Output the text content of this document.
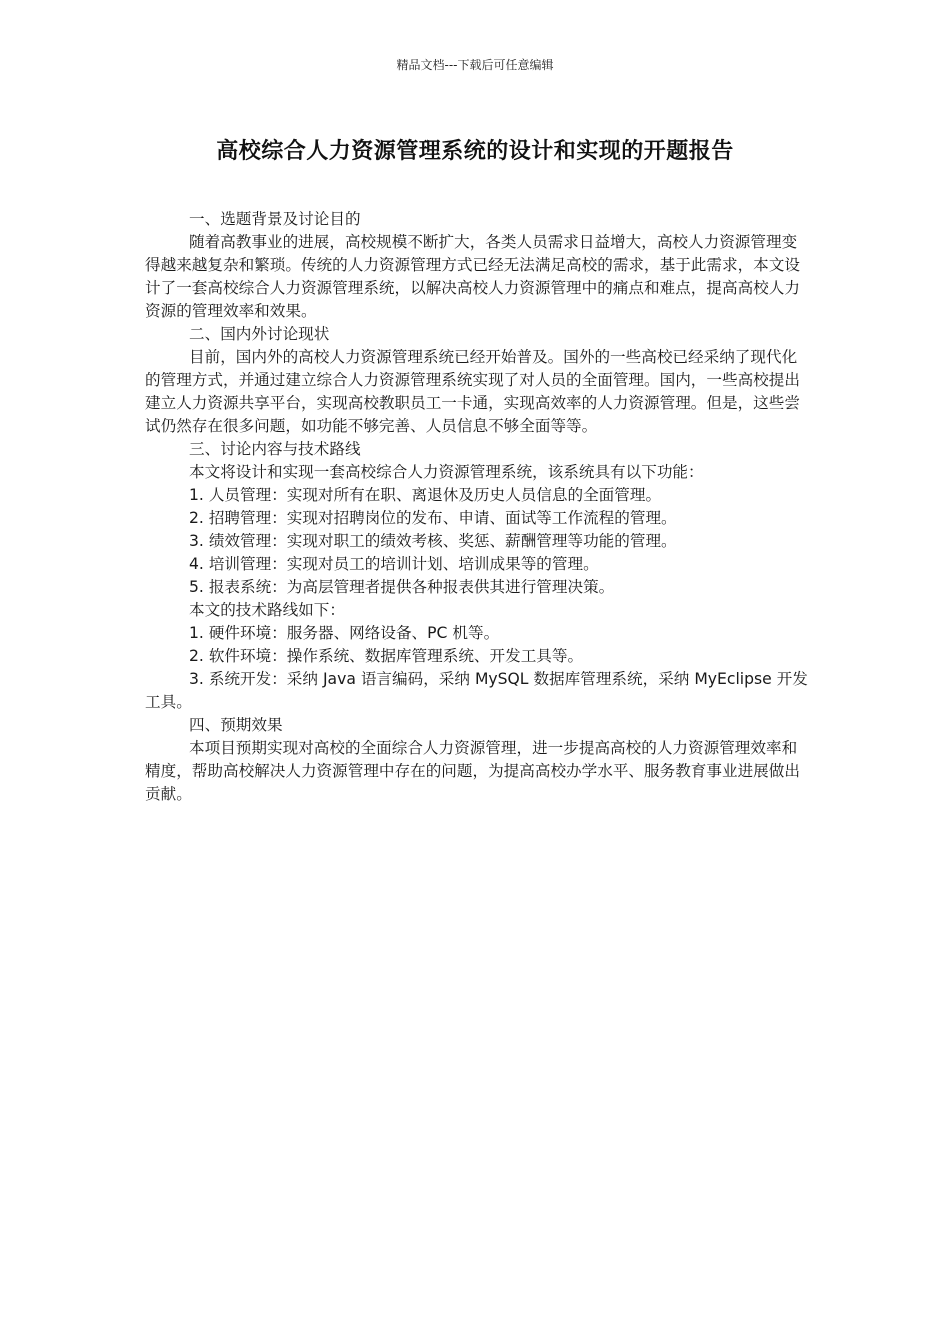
精品文档---下载后可任意编辑
高校综合人力资源管理系统的设计和实现的开题报告

一、选题背景及讨论目的

随着高教事业的进展，高校规模不断扩大，各类人员需求日益增大，高校人力资源管理变得越来越复杂和繁琐。传统的人力资源管理方式已经无法满足高校的需求，基于此需求，本文设计了一套高校综合人力资源管理系统，以解决高校人力资源管理中的痛点和难点，提高高校人力资源的管理效率和效果。

二、国内外讨论现状

目前，国内外的高校人力资源管理系统已经开始普及。国外的一些高校已经采纳了现代化的管理方式，并通过建立综合人力资源管理系统实现了对人员的全面管理。国内，一些高校提出建立人力资源共享平台，实现高校教职员工一卡通，实现高效率的人力资源管理。但是，这些尝试仍然存在很多问题，如功能不够完善、人员信息不够全面等等。

三、讨论内容与技术路线

本文将设计和实现一套高校综合人力资源管理系统，该系统具有以下功能：

1. 人员管理：实现对所有在职、离退休及历史人员信息的全面管理。

2. 招聘管理：实现对招聘岗位的发布、申请、面试等工作流程的管理。

3. 绩效管理：实现对职工的绩效考核、奖惩、薪酬管理等功能的管理。

4. 培训管理：实现对员工的培训计划、培训成果等的管理。

5. 报表系统：为高层管理者提供各种报表供其进行管理决策。

本文的技术路线如下：

1. 硬件环境：服务器、网络设备、PC 机等。

2. 软件环境：操作系统、数据库管理系统、开发工具等。

3. 系统开发：采纳 Java 语言编码，采纳 MySQL 数据库管理系统，采纳 MyEclipse 开发工具。

四、预期效果

本项目预期实现对高校的全面综合人力资源管理，进一步提高高校的人力资源管理效率和精度，帮助高校解决人力资源管理中存在的问题，为提高高校办学水平、服务教育事业进展做出贡献。
